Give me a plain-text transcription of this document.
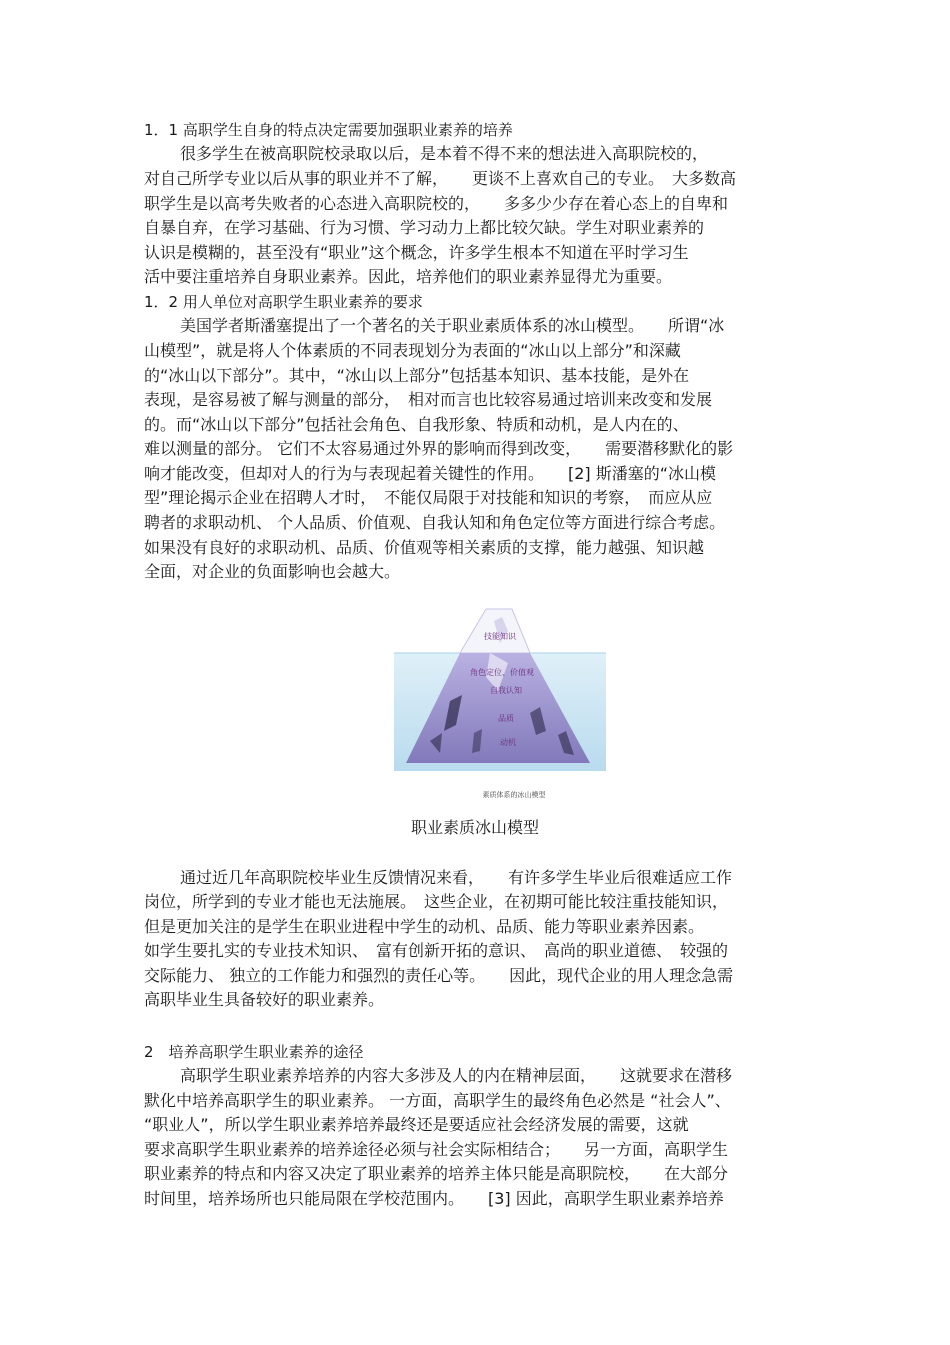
1．1 高职学生自身的特点决定需要加强职业素养的培养
很多学生在被高职院校录取以后，是本着不得不来的想法进入高职院校的，
对自己所学专业以后从事的职业并不了解，　　更谈不上喜欢自己的专业。　大多数高
职学生是以高考失败者的心态进入高职院校的，　　多多少少存在着心态上的自卑和
自暴自弃，在学习基础、行为习惯、学习动力上都比较欠缺。学生对职业素养的
认识是模糊的，甚至没有“职业”这个概念，许多学生根本不知道在平时学习生
活中要注重培养自身职业素养。因此，培养他们的职业素养显得尤为重要。
1．2 用人单位对高职学生职业素养的要求
美国学者斯潘塞提出了一个著名的关于职业素质体系的冰山模型。　　所谓“冰
山模型”，就是将人个体素质的不同表现划分为表面的“冰山以上部分”和深藏
的“冰山以下部分”。其中，“冰山以上部分”包括基本知识、基本技能，是外在
表现，是容易被了解与测量的部分，　相对而言也比较容易通过培训来改变和发展
的。而“冰山以下部分”包括社会角色、自我形象、特质和动机，是人内在的、
难以测量的部分。 它们不太容易通过外界的影响而得到改变，　　需要潜移默化的影
响才能改变，但却对人的行为与表现起着关键性的作用。　　[2] 斯潘塞的“冰山模
型”理论揭示企业在招聘人才时，　不能仅局限于对技能和知识的考察，　而应从应
聘者的求职动机、 个人品质、价值观、自我认知和角色定位等方面进行综合考虑。
如果没有良好的求职动机、品质、价值观等相关素质的支撑，能力越强、知识越
全面，对企业的负面影响也会越大。
技能知识
角色定位、价值观
自我认知
品质
动机
素质体系的冰山模型
职业素质冰山模型
通过近几年高职院校毕业生反馈情况来看，　　有许多学生毕业后很难适应工作
岗位，所学到的专业才能也无法施展。　这些企业，在初期可能比较注重技能知识，
但是更加关注的是学生在职业进程中学生的动机、品质、能力等职业素养因素。
如学生要扎实的专业技术知识、　富有创新开拓的意识、　高尚的职业道德、　较强的
交际能力、 独立的工作能力和强烈的责任心等。　　因此，现代企业的用人理念急需
高职毕业生具备较好的职业素养。
2　培养高职学生职业素养的途径
高职学生职业素养培养的内容大多涉及人的内在精神层面，　　这就要求在潜移
默化中培养高职学生的职业素养。 一方面，高职学生的最终角色必然是 “社会人”、
“职业人”，所以学生职业素养培养最终还是要适应社会经济发展的需要，这就
要求高职学生职业素养的培养途径必须与社会实际相结合；　　另一方面，高职学生
职业素养的特点和内容又决定了职业素养的培养主体只能是高职院校，　　在大部分
时间里，培养场所也只能局限在学校范围内。　　[3] 因此，高职学生职业素养培养
